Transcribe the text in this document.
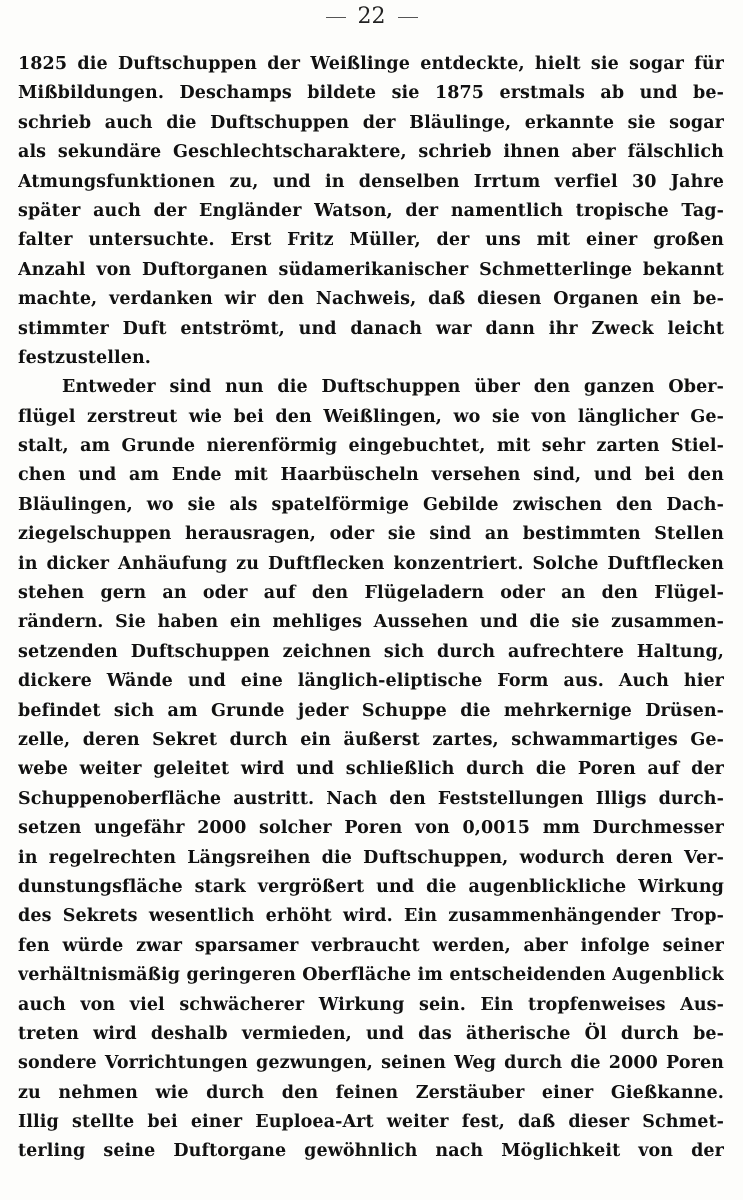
22
1825 die Duftschuppen der Weißlinge entdeckte, hielt sie sogar für
Mißbildungen. Deschamps bildete sie 1875 erstmals ab und be-
schrieb auch die Duftschuppen der Bläulinge, erkannte sie sogar
als sekundäre Geschlechtscharaktere, schrieb ihnen aber fälschlich
Atmungsfunktionen zu, und in denselben Irrtum verfiel 30 Jahre
später auch der Engländer Watson, der namentlich tropische Tag-
falter untersuchte. Erst Fritz Müller, der uns mit einer großen
Anzahl von Duftorganen südamerikanischer Schmetterlinge bekannt
machte, verdanken wir den Nachweis, daß diesen Organen ein be-
stimmter Duft entströmt, und danach war dann ihr Zweck leicht
festzustellen.
Entweder sind nun die Duftschuppen über den ganzen Ober-
flügel zerstreut wie bei den Weißlingen, wo sie von länglicher Ge-
stalt, am Grunde nierenförmig eingebuchtet, mit sehr zarten Stiel-
chen und am Ende mit Haarbüscheln versehen sind, und bei den
Bläulingen, wo sie als spatelförmige Gebilde zwischen den Dach-
ziegelschuppen herausragen, oder sie sind an bestimmten Stellen
in dicker Anhäufung zu Duftflecken konzentriert. Solche Duftflecken
stehen gern an oder auf den Flügeladern oder an den Flügel-
rändern. Sie haben ein mehliges Aussehen und die sie zusammen-
setzenden Duftschuppen zeichnen sich durch aufrechtere Haltung,
dickere Wände und eine länglich-eliptische Form aus. Auch hier
befindet sich am Grunde jeder Schuppe die mehrkernige Drüsen-
zelle, deren Sekret durch ein äußerst zartes, schwammartiges Ge-
webe weiter geleitet wird und schließlich durch die Poren auf der
Schuppenoberfläche austritt. Nach den Feststellungen Illigs durch-
setzen ungefähr 2000 solcher Poren von 0,0015 mm Durchmesser
in regelrechten Längsreihen die Duftschuppen, wodurch deren Ver-
dunstungsfläche stark vergrößert und die augenblickliche Wirkung
des Sekrets wesentlich erhöht wird. Ein zusammenhängender Trop-
fen würde zwar sparsamer verbraucht werden, aber infolge seiner
verhältnismäßig geringeren Oberfläche im entscheidenden Augenblick
auch von viel schwächerer Wirkung sein. Ein tropfenweises Aus-
treten wird deshalb vermieden, und das ätherische Öl durch be-
sondere Vorrichtungen gezwungen, seinen Weg durch die 2000 Poren
zu nehmen wie durch den feinen Zerstäuber einer Gießkanne.
Illig stellte bei einer Euploea-Art weiter fest, daß dieser Schmet-
terling seine Duftorgane gewöhnlich nach Möglichkeit von der
